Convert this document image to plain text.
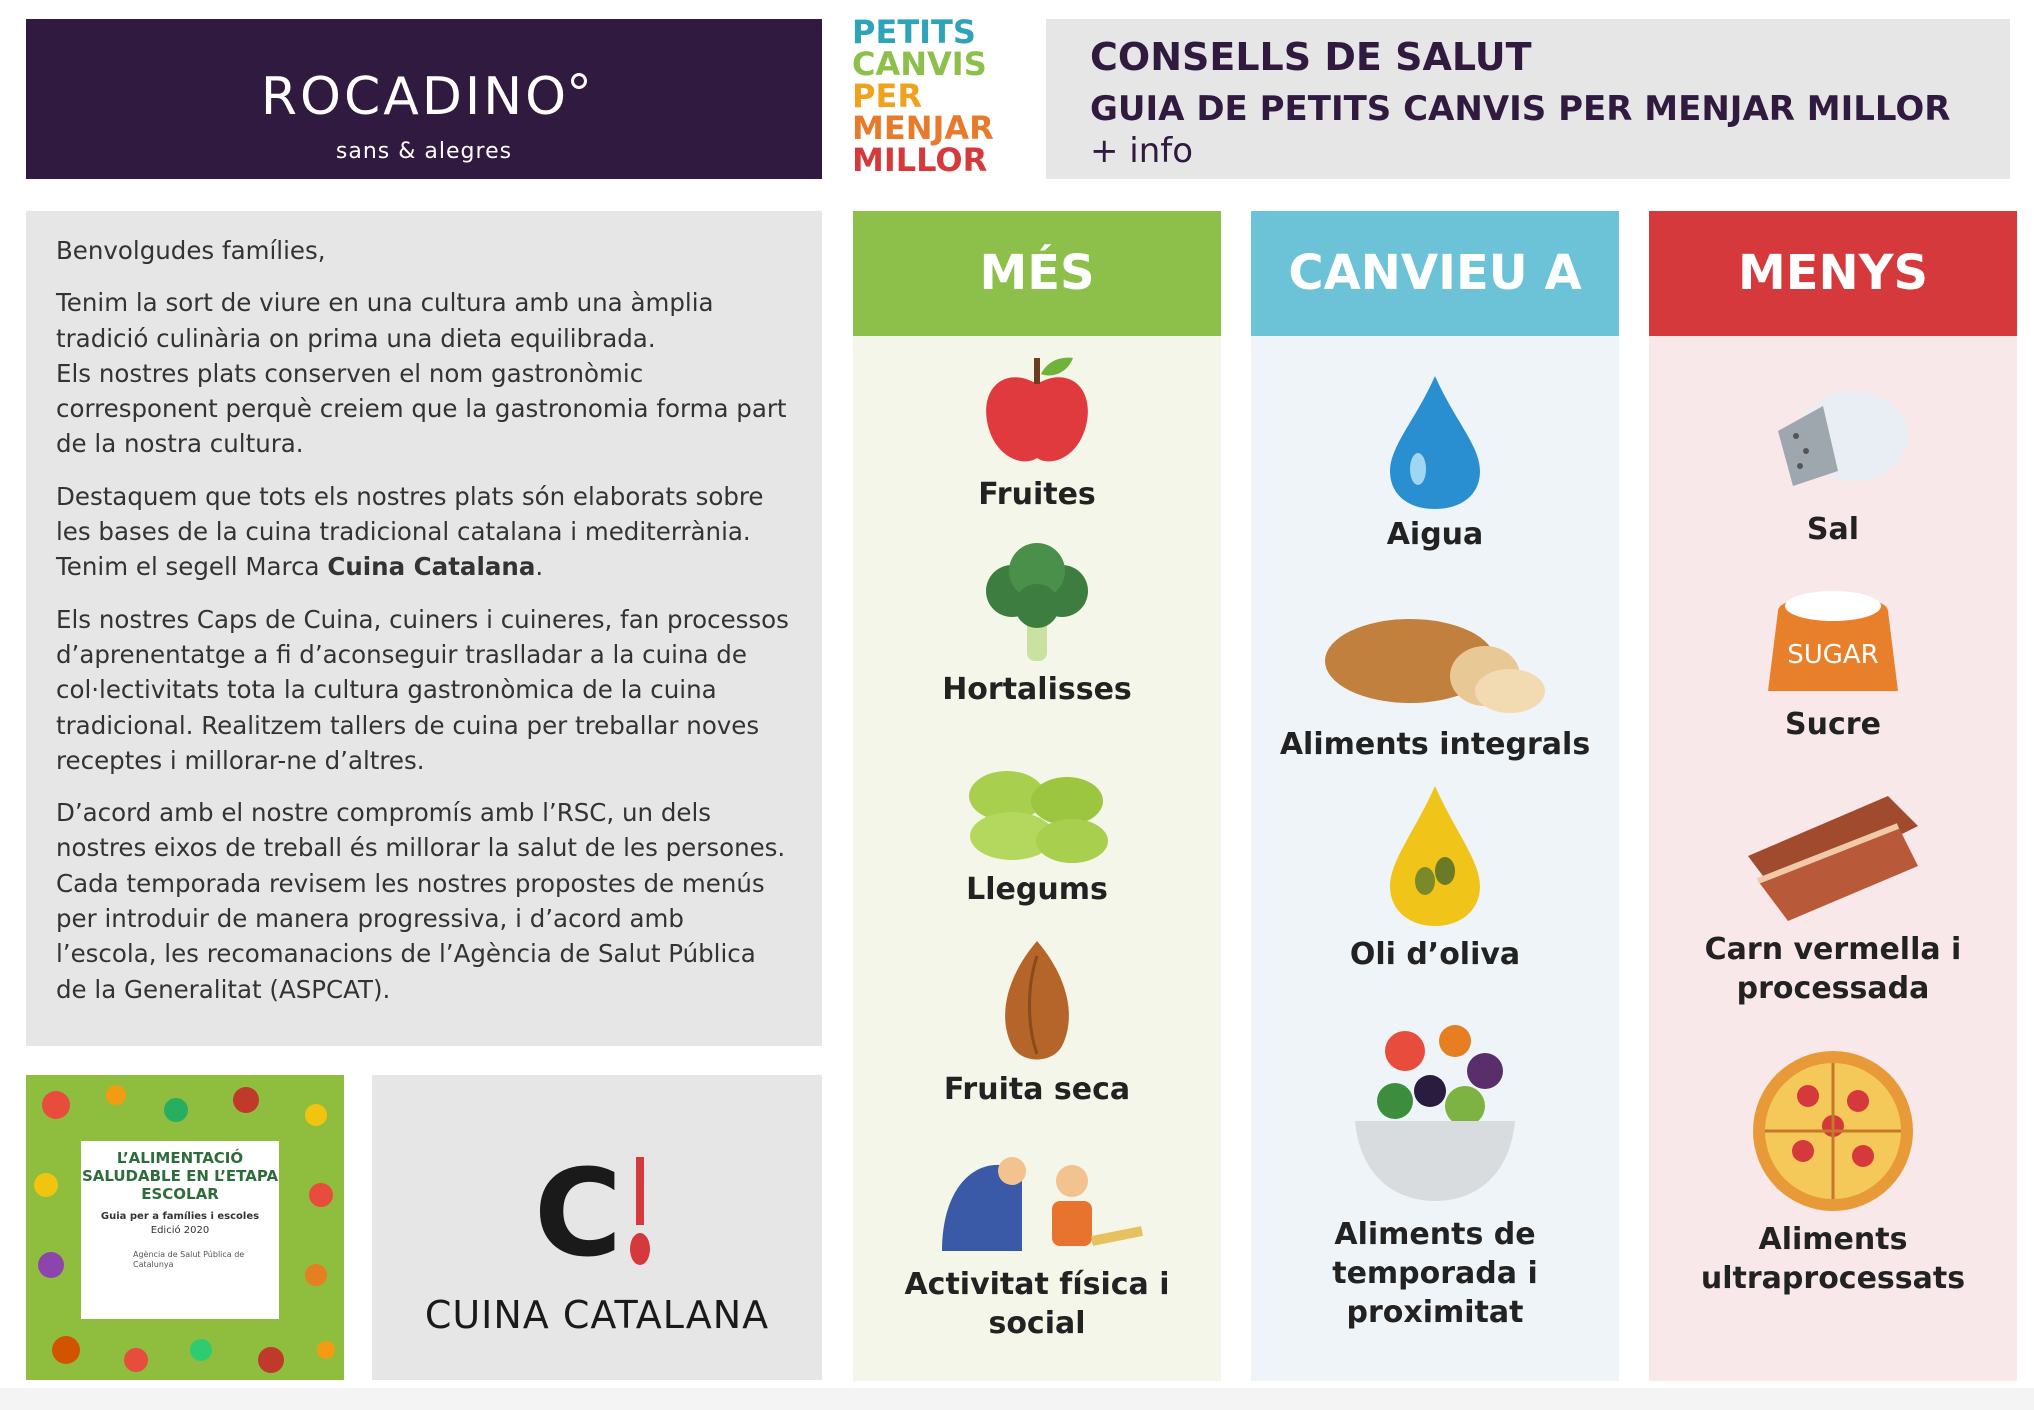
ROCADINO
sans & alegres
PETITS
CANVIS
PER
MENJAR
MILLOR
CONSELLS DE SALUT
GUIA DE PETITS CANVIS PER MENJAR MILLOR
+ info

Benvolgudes famílies,

Tenim la sort de viure en una cultura amb una àmplia tradició culinària on prima una dieta equilibrada.
Els nostres plats conserven el nom gastronòmic corresponent perquè creiem que la gastronomia forma part de la nostra cultura.

Destaquem que tots els nostres plats són elaborats sobre les bases de la cuina tradicional catalana i mediterrània. Tenim el segell Marca Cuina Catalana.

Els nostres Caps de Cuina, cuiners i cuineres, fan processos d’aprenentatge a fi d’aconseguir traslladar a la cuina de col·lectivitats tota la cultura gastronòmica de la cuina tradicional. Realitzem tallers de cuina per treballar noves receptes i millorar-ne d’altres.

D’acord amb el nostre compromís amb l’RSC, un dels nostres eixos de treball és millorar la salut de les persones. Cada temporada revisem les nostres propostes de menús per introduir de manera progressiva, i d’acord amb l’escola, les recomanacions de l’Agència de Salut Pública de la Generalitat (ASPCAT).

L’ALIMENTACIÓ SALUDABLE EN L’ETAPA ESCOLAR
Guia per a famílies i escoles
Edició 2020
Agència de Salut Pública de Catalunya	C
CUINA CATALANA
MÉS
Fruites
Hortalisses
Llegums
Fruita seca
Activitat física i social
CANVIEU A
Aigua
Aliments integrals
Oli d’oliva
Aliments de temporada i proximitat
MENYS
Sal
SUGAR
Sucre
Carn vermella i processada
Aliments ultraprocessats
